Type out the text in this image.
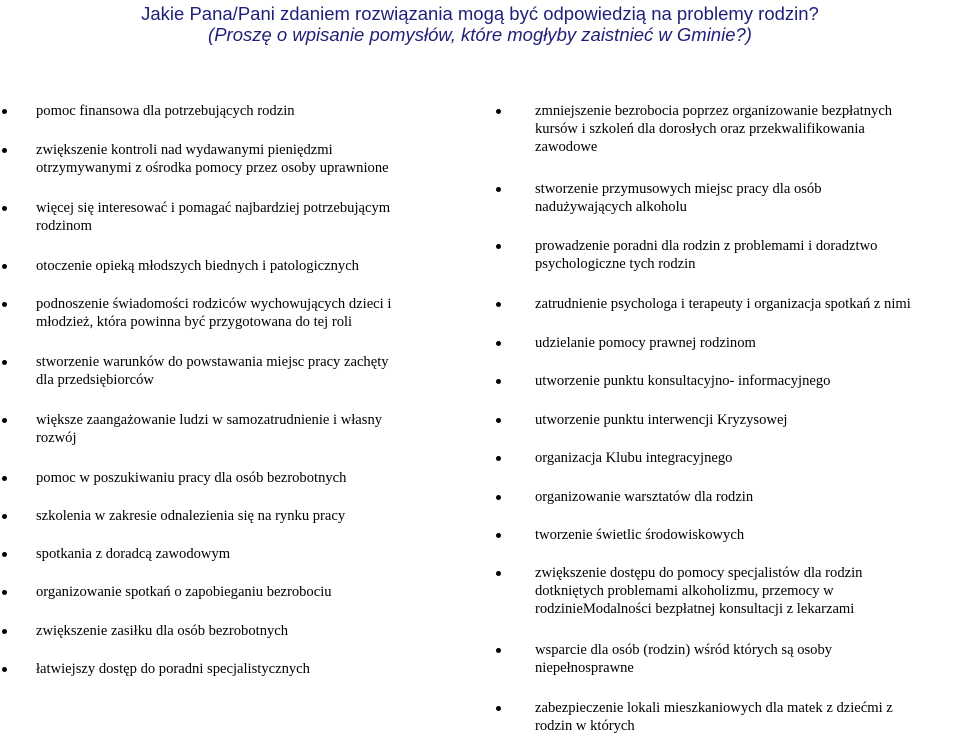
Jakie Pana/Pani zdaniem rozwiązania mogą być odpowiedzią na problemy rodzin?
(Proszę o wpisanie pomysłów, które mogłyby zaistnieć w Gminie?)
pomoc finansowa dla potrzebujących rodzin
zwiększenie kontroli nad wydawanymi pieniędzmi
otrzymywanymi z ośrodka pomocy przez osoby uprawnione
więcej się interesować i pomagać najbardziej potrzebującym
rodzinom
otoczenie opieką młodszych biednych i patologicznych
podnoszenie świadomości rodziców wychowujących dzieci i
młodzież, która powinna być przygotowana do tej roli
stworzenie warunków do powstawania miejsc pracy zachęty
dla przedsiębiorców
większe zaangażowanie ludzi w samozatrudnienie i własny
rozwój
pomoc w poszukiwaniu pracy dla osób bezrobotnych
szkolenia w zakresie odnalezienia się na rynku pracy
spotkania z doradcą zawodowym
organizowanie spotkań o zapobieganiu bezrobociu
zwiększenie zasiłku dla osób bezrobotnych
łatwiejszy dostęp do poradni specjalistycznych
zmniejszenie bezrobocia poprzez organizowanie bezpłatnych
kursów i szkoleń dla dorosłych oraz przekwalifikowania
zawodowe
stworzenie przymusowych miejsc pracy dla osób
nadużywających alkoholu
prowadzenie poradni dla rodzin z problemami i doradztwo
psychologiczne tych rodzin
zatrudnienie psychologa i terapeuty i organizacja spotkań z nimi
udzielanie pomocy prawnej rodzinom
utworzenie punktu konsultacyjno- informacyjnego
utworzenie punktu interwencji Kryzysowej
organizacja Klubu integracyjnego
organizowanie warsztatów dla rodzin
tworzenie świetlic środowiskowych
zwiększenie dostępu do pomocy specjalistów dla rodzin
dotkniętych problemami alkoholizmu, przemocy w
rodzinieModalności bezpłatnej konsultacji z lekarzami
wsparcie dla osób (rodzin) wśród których są osoby
niepełnosprawne
zabezpieczenie lokali mieszkaniowych dla matek z dziećmi z
rodzin w których
